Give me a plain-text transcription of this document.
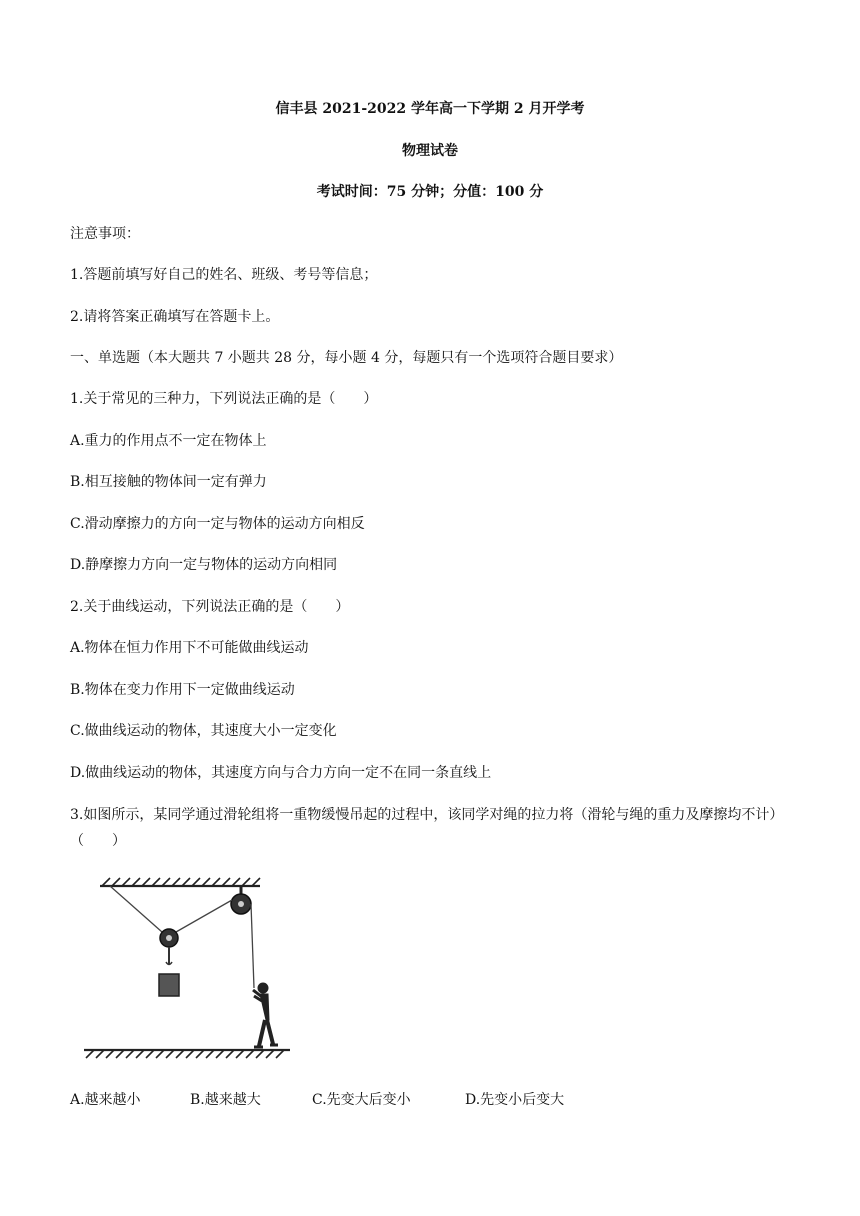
信丰县 2021-2022 学年高一下学期 2 月开学考
物理试卷
考试时间：75 分钟；分值：100 分
注意事项：
1.答题前填写好自己的姓名、班级、考号等信息；
2.请将答案正确填写在答题卡上。
一、单选题（本大题共 7 小题共 28 分，每小题 4 分，每题只有一个选项符合题目要求）
1.关于常见的三种力，下列说法正确的是（　　）
A.重力的作用点不一定在物体上
B.相互接触的物体间一定有弹力
C.滑动摩擦力的方向一定与物体的运动方向相反
D.静摩擦力方向一定与物体的运动方向相同
2.关于曲线运动，下列说法正确的是（　　）
A.物体在恒力作用下不可能做曲线运动
B.物体在变力作用下一定做曲线运动
C.做曲线运动的物体，其速度大小一定变化
D.做曲线运动的物体，其速度方向与合力方向一定不在同一条直线上
3.如图所示，某同学通过滑轮组将一重物缓慢吊起的过程中，该同学对绳的拉力将（滑轮与绳的重力及摩擦均不计）（　　）
A.越来越小	B.越来越大	C.先变大后变小	D.先变小后变大
